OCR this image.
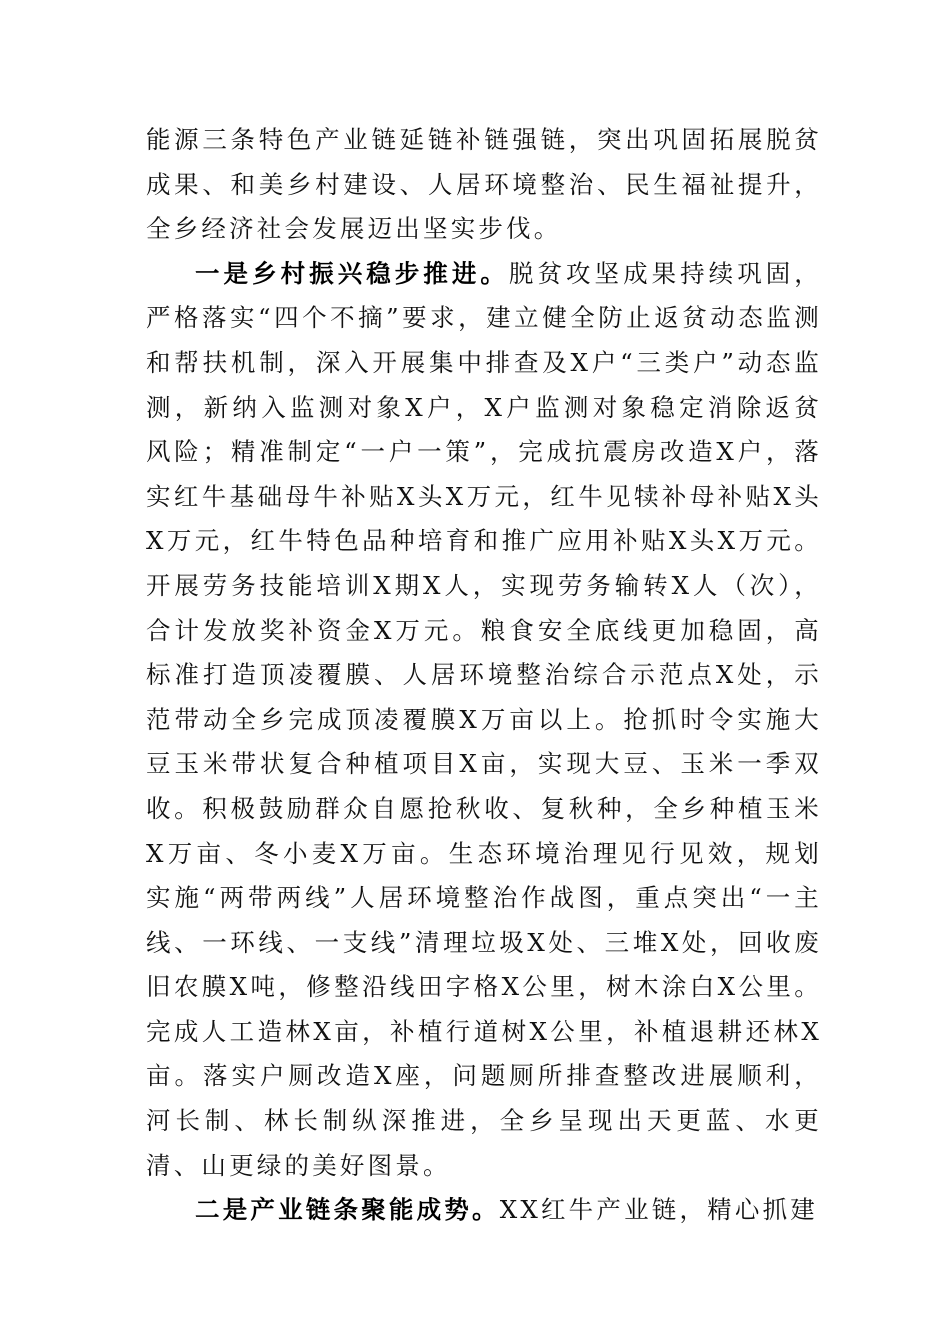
能源三条特色产业链延链补链强链，突出巩固拓展脱贫成果、和美乡村建设、人居环境整治、民生福祉提升，全乡经济社会发展迈出坚实步伐。

一是乡村振兴稳步推进。脱贫攻坚成果持续巩固，严格落实“四个不摘”要求，建立健全防止返贫动态监测和帮扶机制，深入开展集中排查及X户“三类户”动态监测，新纳入监测对象X户，X户监测对象稳定消除返贫风险；精准制定“一户一策”，完成抗震房改造X户，落实红牛基础母牛补贴X头X万元，红牛见犊补母补贴X头X万元，红牛特色品种培育和推广应用补贴X头X万元。开展劳务技能培训X期X人，实现劳务输转X人（次），合计发放奖补资金X万元。粮食安全底线更加稳固，高标准打造顶凌覆膜、人居环境整治综合示范点X处，示范带动全乡完成顶凌覆膜X万亩以上。抢抓时令实施大豆玉米带状复合种植项目X亩，实现大豆、玉米一季双收。积极鼓励群众自愿抢秋收、复秋种，全乡种植玉米X万亩、冬小麦X万亩。生态环境治理见行见效，规划实施“两带两线”人居环境整治作战图，重点突出“一主线、一环线、一支线”清理垃圾X处、三堆X处，回收废旧农膜X吨，修整沿线田字格X公里，树木涂白X公里。完成人工造林X亩，补植行道树X公里，补植退耕还林X亩。落实户厕改造X座，问题厕所排查整改进展顺利，河长制、林长制纵深推进，全乡呈现出天更蓝、水更清、山更绿的美好图景。

二是产业链条聚能成势。XX红牛产业链，精心抓建
